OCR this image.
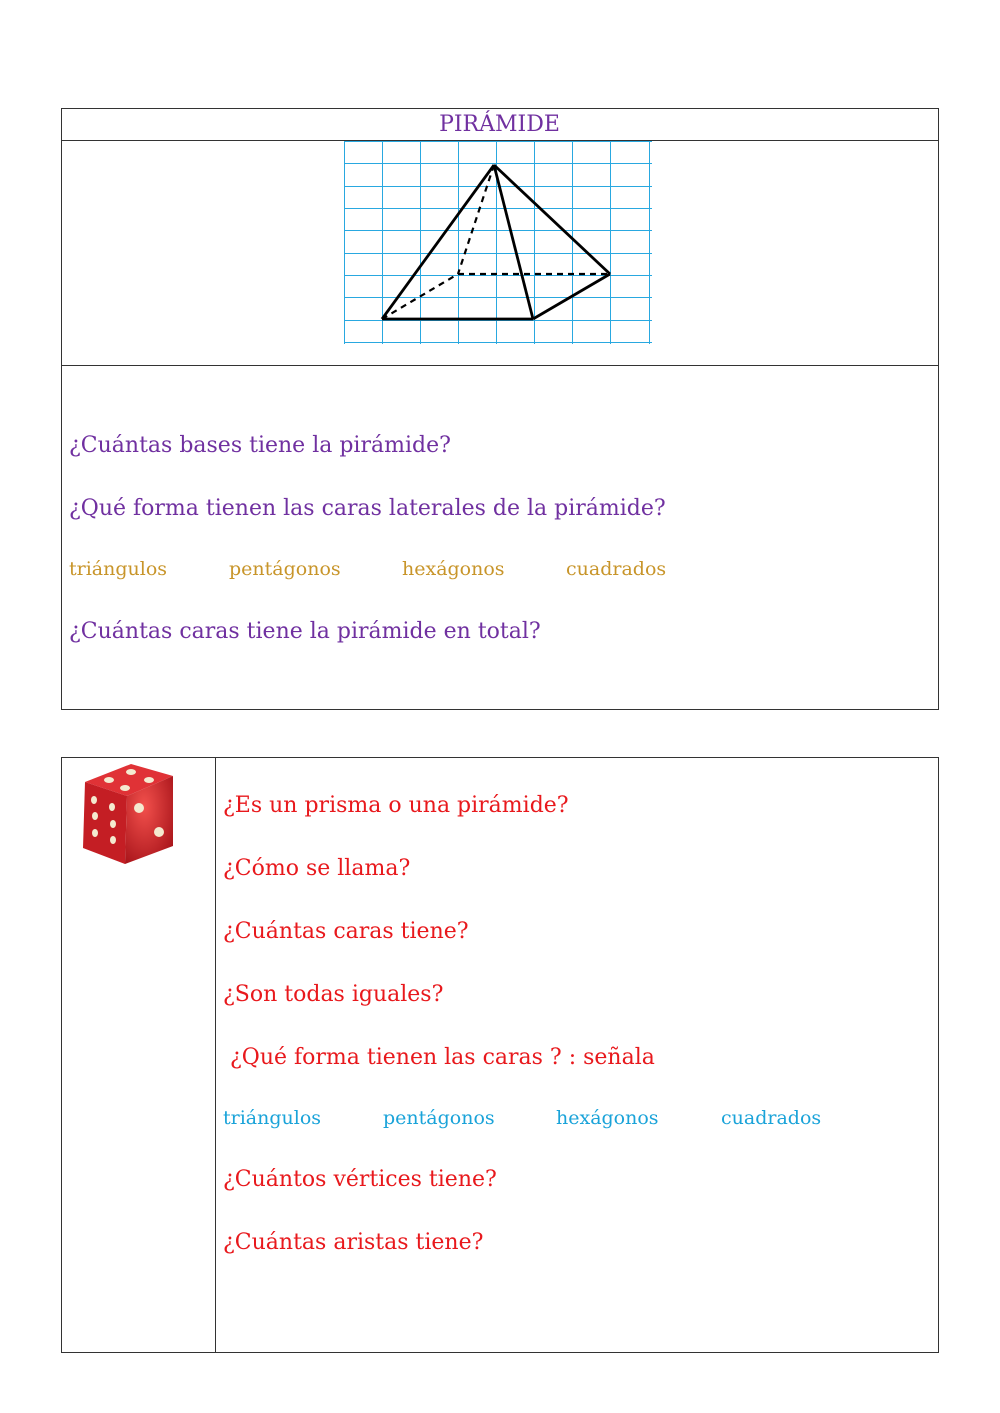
PIRÁMIDE
¿Cuántas bases tiene la pirámide?
¿Qué forma tienen las caras laterales de la pirámide?
triángulos	pentágonos	hexágonos	cuadrados
¿Cuántas caras tiene la pirámide en total?
¿Es un prisma o una pirámide?
¿Cómo se llama?
¿Cuántas caras tiene?
¿Son todas iguales?
¿Qué forma tienen las caras ? : señala
triángulos	pentágonos	hexágonos	cuadrados
¿Cuántos vértices tiene?
¿Cuántas aristas tiene?
